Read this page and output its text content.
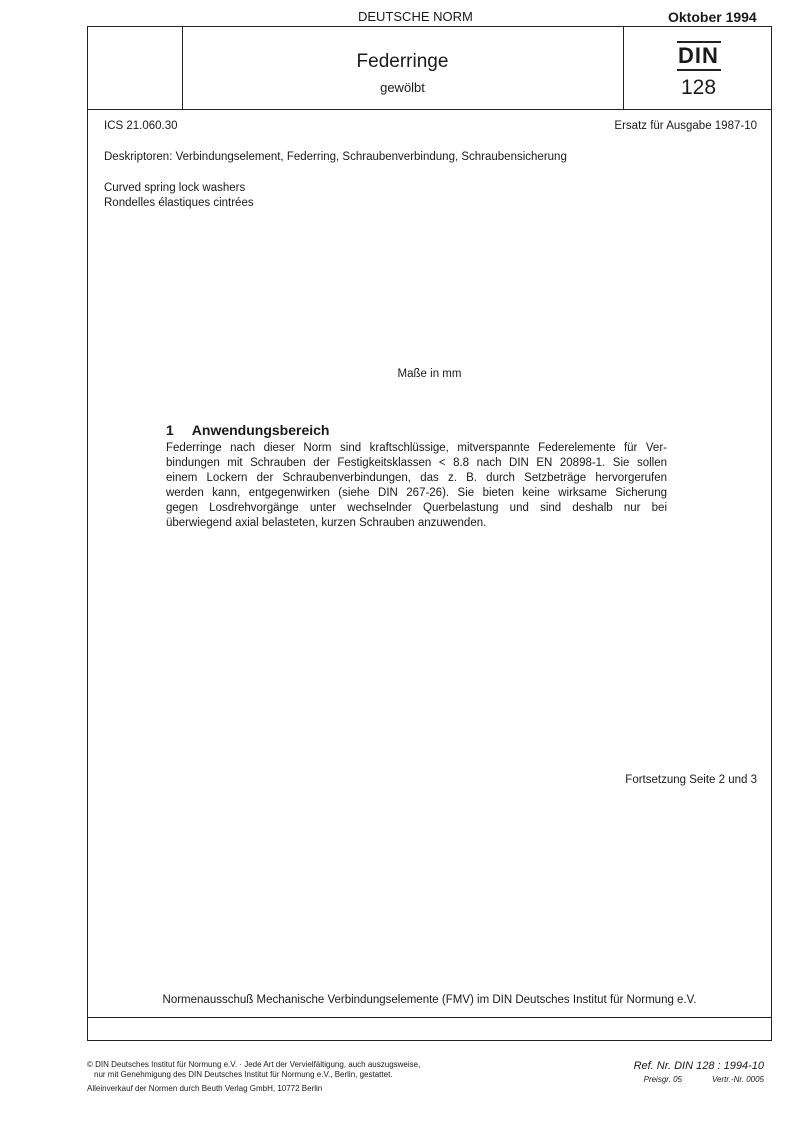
DEUTSCHE NORM	Oktober 1994
Federringe
gewölbt
DIN
128
ICS 21.060.30	Ersatz für Ausgabe 1987-10
Deskriptoren: Verbindungselement, Federring, Schraubenverbindung, Schraubensicherung
Curved spring lock washers
Rondelles élastiques cintrées
Maße in mm
1 Anwendungsbereich
Federringe nach dieser Norm sind kraftschlüssige, mitverspannte Federelemente für Ver-
bindungen mit Schrauben der Festigkeitsklassen < 8.8 nach DIN EN 20898-1. Sie sollen
einem Lockern der Schraubenverbindungen, das z. B. durch Setzbeträge hervorgerufen
werden kann, entgegenwirken (siehe DIN 267-26). Sie bieten keine wirksame Sicherung
gegen Losdrehvorgänge unter wechselnder Querbelastung und sind deshalb nur bei
überwiegend axial belasteten, kurzen Schrauben anzuwenden.
Fortsetzung Seite 2 und 3
Normenausschuß Mechanische Verbindungselemente (FMV) im DIN Deutsches Institut für Normung e.V.
© DIN Deutsches Institut für Normung e.V. · Jede Art der Vervielfältigung, auch auszugsweise,
nur mit Genehmigung des DIN Deutsches Institut für Normung e.V., Berlin, gestattet.
Alleinverkauf der Normen durch Beuth Verlag GmbH, 10772 Berlin
Ref. Nr. DIN 128 : 1994-10
Preisgr. 05	Vertr.-Nr. 0005
